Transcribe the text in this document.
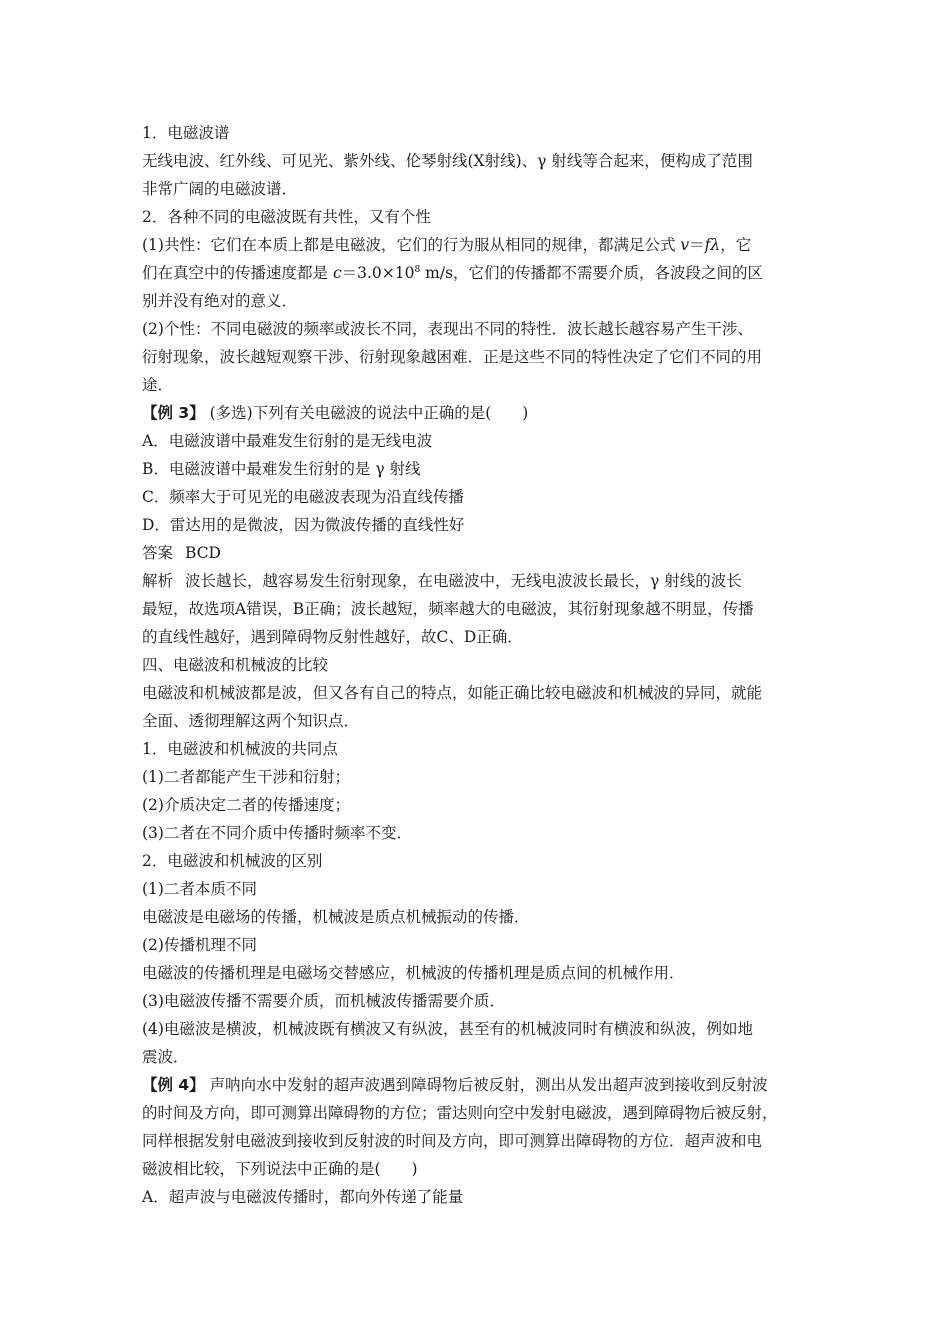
1．电磁波谱
无线电波、红外线、可见光、紫外线、伦琴射线(X射线)、γ 射线等合起来，便构成了范围
非常广阔的电磁波谱．
2．各种不同的电磁波既有共性，又有个性
(1)共性：它们在本质上都是电磁波，它们的行为服从相同的规律，都满足公式 v＝fλ，它
们在真空中的传播速度都是 $c=3.0\times 10^8$ m/s，它们的传播都不需要介质，各波段之间的区
别并没有绝对的意义．
(2)个性：不同电磁波的频率或波长不同，表现出不同的特性．波长越长越容易产生干涉、
衍射现象，波长越短观察干涉、衍射现象越困难．正是这些不同的特性决定了它们不同的用
途．
【例 3】 (多选)下列有关电磁波的说法中正确的是(　　)
A．电磁波谱中最难发生衍射的是无线电波
B．电磁波谱中最难发生衍射的是 γ 射线
C．频率大于可见光的电磁波表现为沿直线传播
D．雷达用的是微波，因为微波传播的直线性好
答案 BCD
解析 波长越长，越容易发生衍射现象，在电磁波中，无线电波波长最长，γ 射线的波长
最短，故选项A错误，B正确；波长越短，频率越大的电磁波，其衍射现象越不明显，传播
的直线性越好，遇到障碍物反射性越好，故C、D正确．
四、电磁波和机械波的比较
电磁波和机械波都是波，但又各有自己的特点，如能正确比较电磁波和机械波的异同，就能
全面、透彻理解这两个知识点．
1．电磁波和机械波的共同点
(1)二者都能产生干涉和衍射；
(2)介质决定二者的传播速度；
(3)二者在不同介质中传播时频率不变．
2．电磁波和机械波的区别
(1)二者本质不同
电磁波是电磁场的传播，机械波是质点机械振动的传播．
(2)传播机理不同
电磁波的传播机理是电磁场交替感应，机械波的传播机理是质点间的机械作用．
(3)电磁波传播不需要介质，而机械波传播需要介质．
(4)电磁波是横波，机械波既有横波又有纵波，甚至有的机械波同时有横波和纵波，例如地
震波．
【例 4】 声呐向水中发射的超声波遇到障碍物后被反射，测出从发出超声波到接收到反射波
的时间及方向，即可测算出障碍物的方位；雷达则向空中发射电磁波，遇到障碍物后被反射，
同样根据发射电磁波到接收到反射波的时间及方向，即可测算出障碍物的方位．超声波和电
磁波相比较，下列说法中正确的是(　　)
A．超声波与电磁波传播时，都向外传递了能量
